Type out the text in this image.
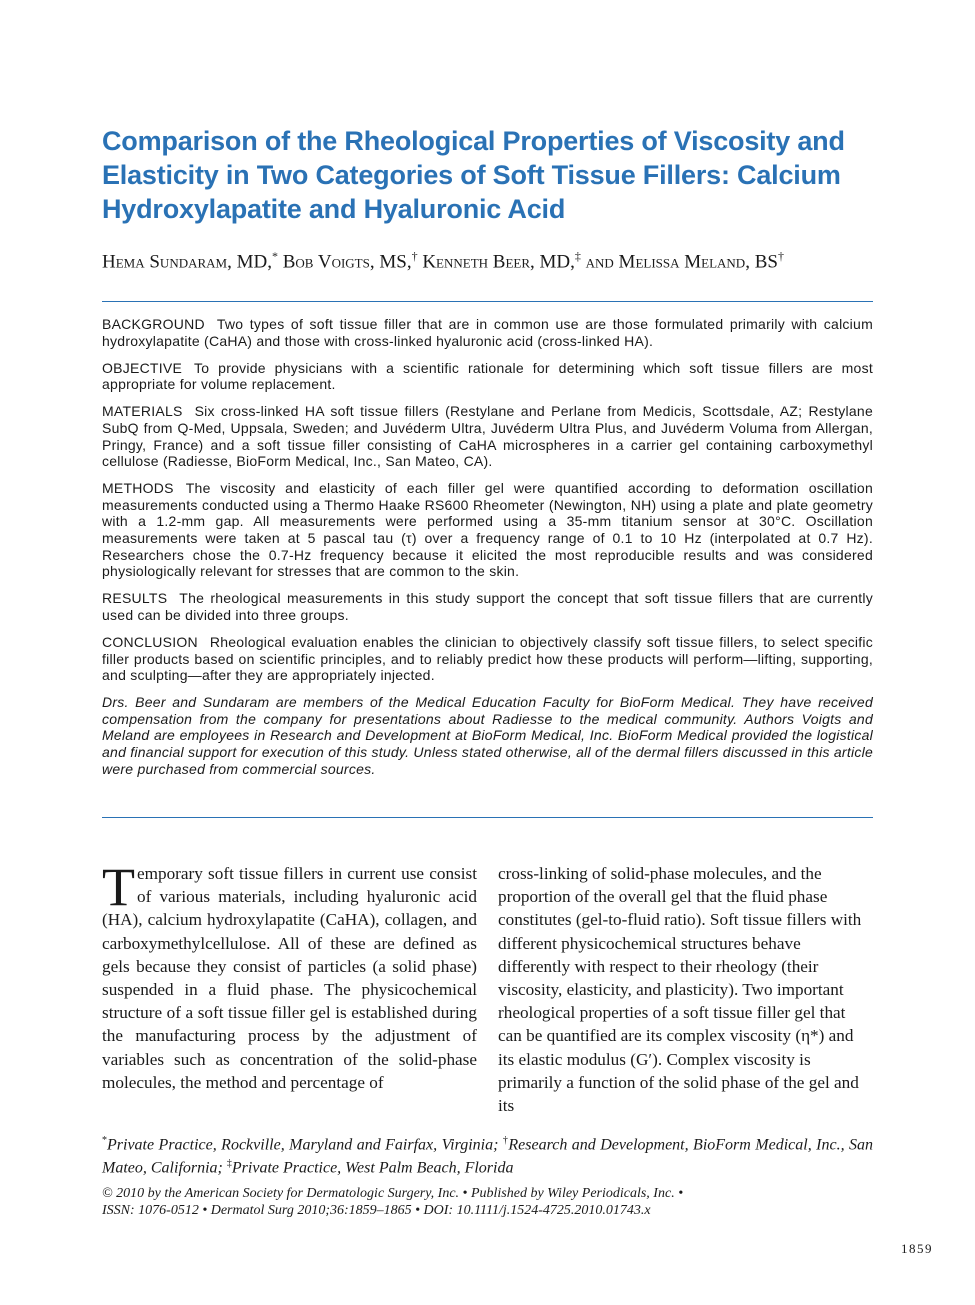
Comparison of the Rheological Properties of Viscosity and
Elasticity in Two Categories of Soft Tissue Fillers: Calcium
Hydroxylapatite and Hyaluronic Acid
Hema Sundaram, MD,* Bob Voigts, MS,† Kenneth Beer, MD,‡ and Melissa Meland, BS†

BACKGROUND Two types of soft tissue filler that are in common use are those formulated primarily with calcium hydroxylapatite (CaHA) and those with cross-linked hyaluronic acid (cross-linked HA).

OBJECTIVE To provide physicians with a scientific rationale for determining which soft tissue fillers are most appropriate for volume replacement.

MATERIALS Six cross-linked HA soft tissue fillers (Restylane and Perlane from Medicis, Scottsdale, AZ; Restylane SubQ from Q-Med, Uppsala, Sweden; and Juvéderm Ultra, Juvéderm Ultra Plus, and Juvéderm Voluma from Allergan, Pringy, France) and a soft tissue filler consisting of CaHA microspheres in a carrier gel containing carboxymethyl cellulose (Radiesse, BioForm Medical, Inc., San Mateo, CA).

METHODS The viscosity and elasticity of each filler gel were quantified according to deformation oscillation measurements conducted using a Thermo Haake RS600 Rheometer (Newington, NH) using a plate and plate geometry with a 1.2-mm gap. All measurements were performed using a 35-mm titanium sensor at 30°C. Oscillation measurements were taken at 5 pascal tau (τ) over a frequency range of 0.1 to 10 Hz (interpolated at 0.7 Hz). Researchers chose the 0.7-Hz frequency because it elicited the most reproducible results and was considered physiologically relevant for stresses that are common to the skin.

RESULTS The rheological measurements in this study support the concept that soft tissue fillers that are currently used can be divided into three groups.

CONCLUSION Rheological evaluation enables the clinician to objectively classify soft tissue fillers, to select specific filler products based on scientific principles, and to reliably predict how these products will perform—lifting, supporting, and sculpting—after they are appropriately injected.

Drs. Beer and Sundaram are members of the Medical Education Faculty for BioForm Medical. They have received compensation from the company for presentations about Radiesse to the medical community. Authors Voigts and Meland are employees in Research and Development at BioForm Medical, Inc. BioForm Medical provided the logistical and financial support for execution of this study. Unless stated otherwise, all of the dermal fillers discussed in this article were purchased from commercial sources.

Temporary soft tissue fillers in current use consist of various materials, including hyaluronic acid (HA), calcium hydroxylapatite (CaHA), collagen, and carboxymethylcellulose. All of these are defined as gels because they consist of particles (a solid phase) suspended in a fluid phase. The physicochemical structure of a soft tissue filler gel is established during the manufacturing process by the adjustment of variables such as concentration of the solid-phase molecules, the method and percentage of

cross-linking of solid-phase molecules, and the proportion of the overall gel that the fluid phase constitutes (gel-to-fluid ratio). Soft tissue fillers with different physicochemical structures behave differently with respect to their rheology (their viscosity, elasticity, and plasticity). Two important rheological properties of a soft tissue filler gel that can be quantified are its complex viscosity (η*) and its elastic modulus (G′). Complex viscosity is primarily a function of the solid phase of the gel and its

*Private Practice, Rockville, Maryland and Fairfax, Virginia; †Research and Development, BioForm Medical, Inc., San Mateo, California; ‡Private Practice, West Palm Beach, Florida
© 2010 by the American Society for Dermatologic Surgery, Inc. • Published by Wiley Periodicals, Inc. •
ISSN: 1076-0512 • Dermatol Surg 2010;36:1859–1865 • DOI: 10.1111/j.1524-4725.2010.01743.x
1859
